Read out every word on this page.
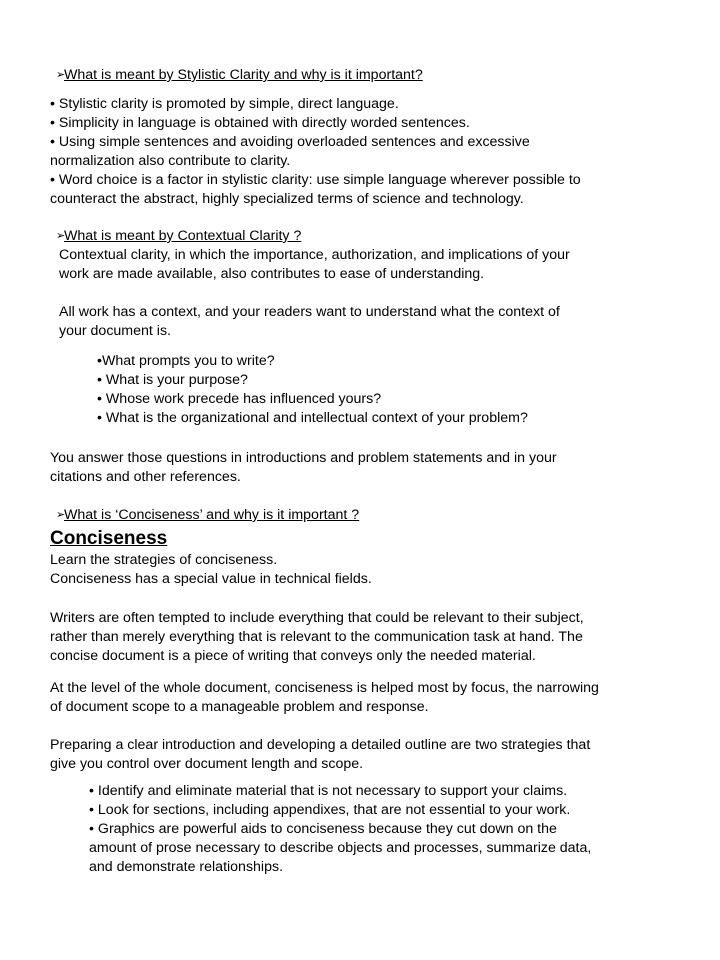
➢What is meant by Stylistic Clarity and why is it important?
• Stylistic clarity is promoted by simple, direct language.
• Simplicity in language is obtained with directly worded sentences.
• Using simple sentences and avoiding overloaded sentences and excessive
normalization also contribute to clarity.
• Word choice is a factor in stylistic clarity: use simple language wherever possible to
counteract the abstract, highly specialized terms of science and technology.
➢What is meant by Contextual Clarity ?
Contextual clarity, in which the importance, authorization, and implications of your
work are made available, also contributes to ease of understanding.
All work has a context, and your readers want to understand what the context of
your document is.
•What prompts you to write?
• What is your purpose?
• Whose work precede has influenced yours?
• What is the organizational and intellectual context of your problem?
You answer those questions in introductions and problem statements and in your
citations and other references.
➢What is ‘Conciseness’ and why is it important ?
Conciseness
Learn the strategies of conciseness.
Conciseness has a special value in technical fields.
Writers are often tempted to include everything that could be relevant to their subject,
rather than merely everything that is relevant to the communication task at hand. The
concise document is a piece of writing that conveys only the needed material.
At the level of the whole document, conciseness is helped most by focus, the narrowing
of document scope to a manageable problem and response.
Preparing a clear introduction and developing a detailed outline are two strategies that
give you control over document length and scope.
• Identify and eliminate material that is not necessary to support your claims.
• Look for sections, including appendixes, that are not essential to your work.
• Graphics are powerful aids to conciseness because they cut down on the
amount of prose necessary to describe objects and processes, summarize data,
and demonstrate relationships.
